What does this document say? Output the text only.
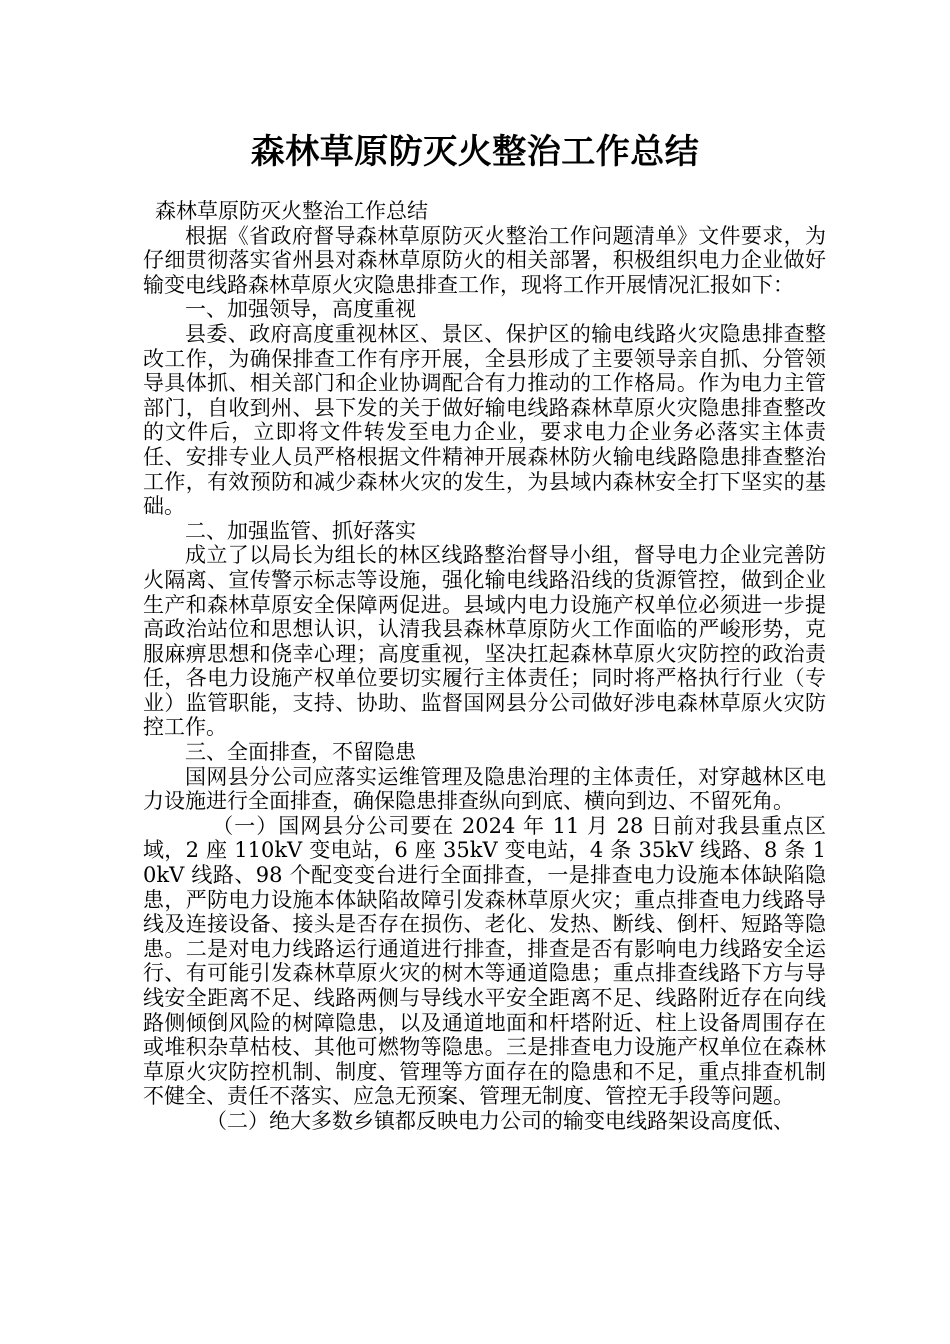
森林草原防灭火整治工作总结

森林草原防灭火整治工作总结

根据《省政府督导森林草原防灭火整治工作问题清单》文件要求，为仔细贯彻落实省州县对森林草原防火的相关部署，积极组织电力企业做好输变电线路森林草原火灾隐患排查工作，现将工作开展情况汇报如下：

一、加强领导，高度重视

县委、政府高度重视林区、景区、保护区的输电线路火灾隐患排查整改工作，为确保排查工作有序开展，全县形成了主要领导亲自抓、分管领导具体抓、相关部门和企业协调配合有力推动的工作格局。作为电力主管部门，自收到州、县下发的关于做好输电线路森林草原火灾隐患排查整改的文件后，立即将文件转发至电力企业，要求电力企业务必落实主体责任、安排专业人员严格根据文件精神开展森林防火输电线路隐患排查整治工作，有效预防和减少森林火灾的发生，为县域内森林安全打下坚实的基础。

二、加强监管、抓好落实

成立了以局长为组长的林区线路整治督导小组，督导电力企业完善防火隔离、宣传警示标志等设施，强化输电线路沿线的货源管控，做到企业生产和森林草原安全保障两促进。县域内电力设施产权单位必须进一步提高政治站位和思想认识，认清我县森林草原防火工作面临的严峻形势，克服麻痹思想和侥幸心理；高度重视，坚决扛起森林草原火灾防控的政治责任，各电力设施产权单位要切实履行主体责任；同时将严格执行行业（专业）监管职能，支持、协助、监督国网县分公司做好涉电森林草原火灾防控工作。

三、全面排查，不留隐患

国网县分公司应落实运维管理及隐患治理的主体责任，对穿越林区电力设施进行全面排查，确保隐患排查纵向到底、横向到边、不留死角。

（一）国网县分公司要在 2024 年 11 月 28 日前对我县重点区域，2 座 110kV 变电站，6 座 35kV 变电站，4 条 35kV 线路、8 条 10kV 线路、98 个配变变台进行全面排查，一是排查电力设施本体缺陷隐患，严防电力设施本体缺陷故障引发森林草原火灾；重点排查电力线路导线及连接设备、接头是否存在损伤、老化、发热、断线、倒杆、短路等隐患。二是对电力线路运行通道进行排查，排查是否有影响电力线路安全运行、有可能引发森林草原火灾的树木等通道隐患；重点排查线路下方与导线安全距离不足、线路两侧与导线水平安全距离不足、线路附近存在向线路侧倾倒风险的树障隐患，以及通道地面和杆塔附近、柱上设备周围存在或堆积杂草枯枝、其他可燃物等隐患。三是排查电力设施产权单位在森林草原火灾防控机制、制度、管理等方面存在的隐患和不足，重点排查机制不健全、责任不落实、应急无预案、管理无制度、管控无手段等问题。

（二）绝大多数乡镇都反映电力公司的输变电线路架设高度低、
